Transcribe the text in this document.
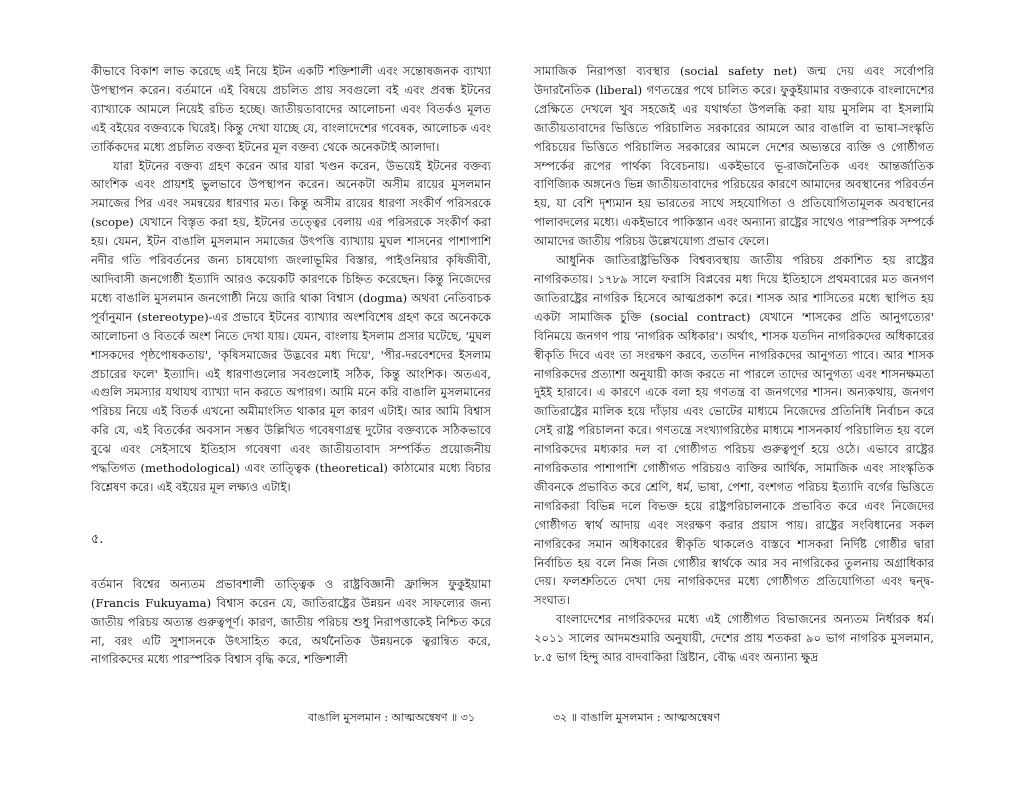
কীভাবে বিকাশ লাভ করেছে এই নিয়ে ইটন একটি শক্তিশালী এবং সন্তোষজনক ব্যাখ্যা উপস্থাপন করেন। বর্তমানে এই বিষয়ে প্রচলিত প্রায় সবগুলো বই এবং প্রবন্ধ ইটনের ব্যাখ্যাকে আমলে নিয়েই রচিত হচ্ছে। জাতীয়তাবাদের আলোচনা এবং বিতর্কও মূলত এই বইয়ের বক্তব্যকে ঘিরেই। কিন্তু দেখা যাচ্ছে যে, বাংলাদেশের গবেষক, আলোচক এবং তার্কিকদের মধ্যে প্রচলিত বক্তব্য ইটনের মূল বক্তব্য থেকে অনেকটাই আলাদা।

যারা ইটনের বক্তব্য গ্রহণ করেন আর যারা খণ্ডন করেন, উভয়েই ইটনের বক্তব্য আংশিক এবং প্রায়শই ভুলভাবে উপস্থাপন করেন। অনেকটা অসীম রায়ের মুসলমান সমাজের পির এবং সমন্বয়ের ধারণার মত। কিন্তু অসীম রায়ের ধারণা সংকীর্ণ পরিসরকে (scope) যেখানে বিস্তৃত করা হয়, ইটনের তত্ত্বের বেলায় এর পরিসরকে সংকীর্ণ করা হয়। যেমন, ইটন বাঙালি মুসলমান সমাজের উৎপত্তি ব্যাখ্যায় মুঘল শাসনের পাশাপাশি নদীর গতি পরিবর্তনের জন্য চাষযোগ্য জংলাভূমির বিস্তার, পাইওনিয়ার কৃষিজীবী, আদিবাসী জনগোষ্ঠী ইত্যাদি আরও কয়েকটি কারণকে চিহ্নিত করেছেন। কিন্তু নিজেদের মধ্যে বাঙালি মুসলমান জনগোষ্ঠী নিয়ে জারি থাকা বিশ্বাস (dogma) অথবা নেতিবাচক পূর্বানুমান (stereotype)-এর প্রভাবে ইটনের ব্যাখ্যার অংশবিশেষ গ্রহণ করে অনেককে আলোচনা ও বিতর্কে অংশ নিতে দেখা যায়। যেমন, বাংলায় ইসলাম প্রসার ঘটেছে, 'মুঘল শাসকদের পৃষ্ঠপোষকতায়', 'কৃষিসমাজের উদ্ভবের মধ্য দিয়ে', 'পীর-দরবেশদের ইসলাম প্রচারের ফলে' ইত্যাদি। এই ধারণাগুলোর সবগুলোই সঠিক, কিন্তু আংশিক। অতএব, এগুলি সমস্যার যথাযথ ব্যাখ্যা দান করতে অপারগ। আমি মনে করি বাঙালি মুসলমানের পরিচয় নিয়ে এই বিতর্ক এখনো অমীমাংসিত থাকার মূল কারণ এটাই। আর আমি বিশ্বাস করি যে, এই বিতর্কের অবসান সম্ভব উল্লিখিত গবেষণাগ্রন্থ দুটোর বক্তব্যকে সঠিকভাবে বুঝে এবং সেইসাথে ইতিহাস গবেষণা এবং জাতীয়তাবাদ সম্পর্কিত প্রয়োজনীয় পদ্ধতিগত (methodological) এবং তাত্ত্বিক (theoretical) কাঠামোর মধ্যে বিচার বিশ্লেষণ করে। এই বইয়ের মূল লক্ষ্যও এটাই।

৫.

বর্তমান বিশ্বের অন্যতম প্রভাবশালী তাত্ত্বিক ও রাষ্ট্রবিজ্ঞানী ফ্রান্সিস ফুকুইয়ামা (Francis Fukuyama) বিশ্বাস করেন যে, জাতিরাষ্ট্রের উন্নয়ন এবং সাফল্যের জন্য জাতীয় পরিচয় অত্যন্ত গুরুত্বপূর্ণ। কারণ, জাতীয় পরিচয় শুধু নিরাপত্তাকেই নিশ্চিত করে না, বরং এটি সুশাসনকে উৎসাহিত করে, অর্থনৈতিক উন্নয়নকে ত্বরান্বিত করে, নাগরিকদের মধ্যে পারস্পরিক বিশ্বাস বৃদ্ধি করে, শক্তিশালী

সামাজিক নিরাপত্তা ব্যবস্থার (social safety net) জন্ম দেয় এবং সর্বোপরি উদারনৈতিক (liberal) গণতন্ত্রের পথে চালিত করে। ফুকুইয়ামার বক্তব্যকে বাংলাদেশের প্রেক্ষিতে দেখলে খুব সহজেই এর যথার্থতা উপলব্ধি করা যায় মুসলিম বা ইসলামি জাতীয়তাবাদের ভিত্তিতে পরিচালিত সরকারের আমলে আর বাঙালি বা ভাষা-সংস্কৃতি পরিচয়ের ভিত্তিতে পরিচালিত সরকারের আমলে দেশের অভ্যন্তরে ব্যক্তি ও গোষ্ঠীগত সম্পর্কের রূপের পার্থক্য বিবেচনায়। একইভাবে ভূ-রাজনৈতিক এবং আন্তর্জাতিক বাণিজ্যিক অঙ্গনেও ভিন্ন জাতীয়তাবাদের পরিচয়ের কারণে আমাদের অবস্থানের পরিবর্তন হয়, যা বেশি দৃশ্যমান হয় ভারতের সাথে সহযোগিতা ও প্রতিযোগিতামূলক অবস্থানের পালাবদলের মধ্যে। একইভাবে পাকিস্তান এবং অন্যান্য রাষ্ট্রের সাথেও পারস্পরিক সম্পর্কে আমাদের জাতীয় পরিচয় উল্লেখযোগ্য প্রভাব ফেলে।

আধুনিক জাতিরাষ্ট্রভিত্তিক বিশ্বব্যবস্থায় জাতীয় পরিচয় প্রকাশিত হয় রাষ্ট্রের নাগরিকতায়। ১৭৮৯ সালে ফরাসি বিপ্লবের মধ্য দিয়ে ইতিহাসে প্রথমবারের মত জনগণ জাতিরাষ্ট্রের নাগরিক হিসেবে আত্মপ্রকাশ করে। শাসক আর শাসিতের মধ্যে স্থাপিত হয় একটা সামাজিক চুক্তি (social contract) যেখানে 'শাসকের প্রতি আনুগত্যের' বিনিময়ে জনগণ পায় 'নাগরিক অধিকার'। অর্থাৎ, শাসক যতদিন নাগরিকদের অধিকারের স্বীকৃতি দিবে এবং তা সংরক্ষণ করবে, ততদিন নাগরিকদের আনুগত্য পাবে। আর শাসক নাগরিকদের প্রত্যাশা অনুযায়ী কাজ করতে না পারলে তাদের আনুগত্য এবং শাসনক্ষমতা দুইই হারাবে। এ কারণে একে বলা হয় গণতন্ত্র বা জনগণের শাসন। অন্যকথায়, জনগণ জাতিরাষ্ট্রের মালিক হয়ে দাঁড়ায় এবং ভোটের মাধ্যমে নিজেদের প্রতিনিধি নির্বাচন করে সেই রাষ্ট্র পরিচালনা করে। গণতন্ত্রে সংখ্যাগরিষ্ঠের মাধ্যমে শাসনকার্য পরিচালিত হয় বলে নাগরিকদের মধ্যকার দল বা গোষ্ঠীগত পরিচয় গুরুত্বপূর্ণ হয়ে ওঠে। এভাবে রাষ্ট্রের নাগরিকতার পাশাপাশি গোষ্ঠীগত পরিচয়ও ব্যক্তির আর্থিক, সামাজিক এবং সাংস্কৃতিক জীবনকে প্রভাবিত করে শ্রেণি, ধর্ম, ভাষা, পেশা, বংশগত পরিচয় ইত্যাদি বর্গের ভিত্তিতে নাগরিকরা বিভিন্ন দলে বিভক্ত হয়ে রাষ্ট্রপরিচালনাকে প্রভাবিত করে এবং নিজেদের গোষ্ঠীগত স্বার্থ আদায় এবং সংরক্ষণ করার প্রয়াস পায়। রাষ্ট্রের সংবিধানের সকল নাগরিকের সমান অধিকারের স্বীকৃতি থাকলেও বাস্তবে শাসকরা নির্দিষ্ট গোষ্ঠীর দ্বারা নির্বাচিত হয় বলে নিজ নিজ গোষ্ঠীর স্বার্থকে আর সব নাগরিকের তুলনায় অগ্রাধিকার দেয়। ফলশ্রুতিতে দেখা দেয় নাগরিকদের মধ্যে গোষ্ঠীগত প্রতিযোগিতা এবং দ্বন্দ্ব-সংঘাত।

বাংলাদেশের নাগরিকদের মধ্যে এই গোষ্ঠীগত বিভাজনের অন্যতম নির্ধারক ধর্ম। ২০১১ সালের আদমশুমারি অনুযায়ী, দেশের প্রায় শতকরা ৯০ ভাগ নাগরিক মুসলমান, ৮.৫ ভাগ হিন্দু আর বাদবাকিরা খ্রিষ্টান, বৌদ্ধ এবং অন্যান্য ক্ষুদ্র

বাঙালি মুসলমান : আত্মঅন্বেষণ ॥ ৩১	৩২ ॥ বাঙালি মুসলমান : আত্মঅন্বেষণ
